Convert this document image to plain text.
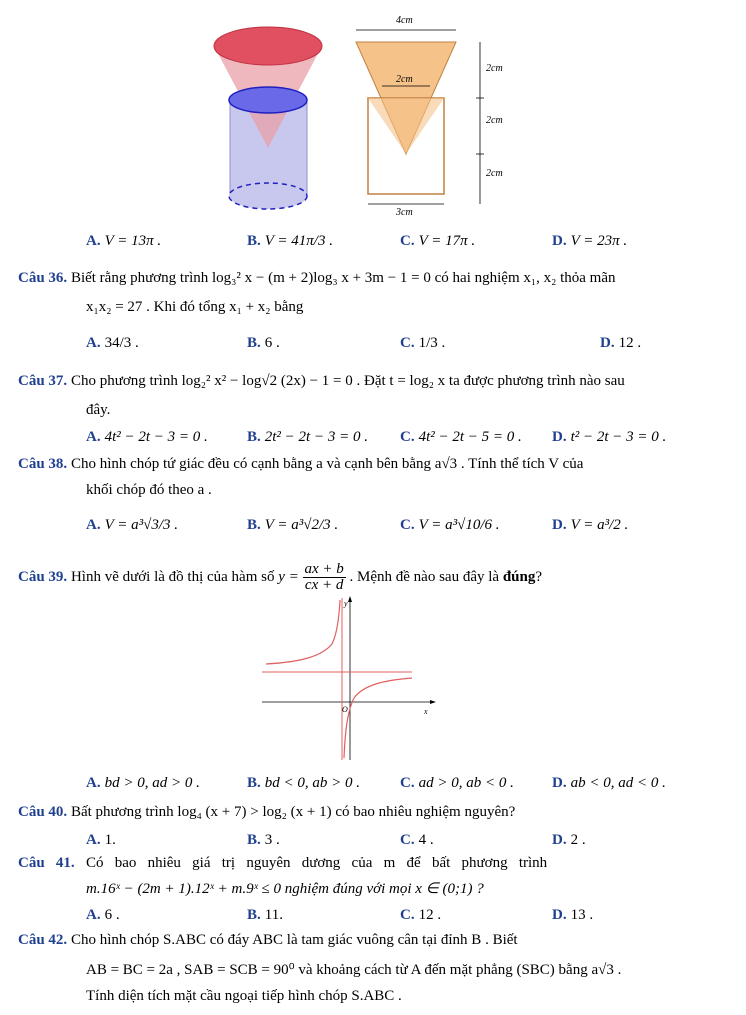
4cm
2cm
3cm
2cm
2cm
2cm
A. V = 13π .	B. V = 41π/3 .	C. V = 17π .	D. V = 23π .
Câu 36. Biết rằng phương trình log₃² x − (m + 2)log₃ x + 3m − 1 = 0 có hai nghiệm x₁, x₂ thỏa mãn
x₁x₂ = 27 . Khi đó tổng x₁ + x₂ bằng
A. 34/3 .	B. 6 .	C. 1/3 .	D. 12 .
Câu 37. Cho phương trình log₂² x² − log√2 (2x) − 1 = 0 . Đặt t = log₂ x ta được phương trình nào sau
đây.
A. 4t² − 2t − 3 = 0 .	B. 2t² − 2t − 3 = 0 . C. 4t² − 2t − 5 = 0 . D. t² − 2t − 3 = 0 .
Câu 38. Cho hình chóp tứ giác đều có cạnh bằng a và cạnh bên bằng a√3 . Tính thể tích V của
khối chóp đó theo a .
A. V = a³√3/3 .	B. V = a³√2/3 .	C. V = a³√10/6 .	D. V = a³/2 .
Câu 39. Hình vẽ dưới là đồ thị của hàm số $y = \frac{ax + b}{cx + d}$ . Mệnh đề nào sau đây là đúng?
y
x
O
A. bd > 0, ad > 0 .	B. bd < 0, ab > 0 .	C. ad > 0, ab < 0 .	D. ab < 0, ad < 0 .
Câu 40. Bất phương trình log₄ (x + 7) > log₂ (x + 1) có bao nhiêu nghiệm nguyên?
A. 1.	B. 3 .	C. 4 .	D. 2 .
Câu   41. Có   bao   nhiêu   giá   trị   nguyên   dương   của   m   để   bất   phương   trình
m.16ˣ − (2m + 1).12ˣ + m.9ˣ ≤ 0 nghiệm đúng với mọi x ∈ (0;1) ?
A. 6 .	B. 11.	C. 12 .	D. 13 .
Câu 42. Cho hình chóp S.ABC có đáy ABC là tam giác vuông cân tại đỉnh B . Biết
AB = BC = 2a , SAB = SCB = 90⁰ và khoảng cách từ A đến mặt phẳng (SBC) bằng a√3 .
Tính diện tích mặt cầu ngoại tiếp hình chóp S.ABC .
